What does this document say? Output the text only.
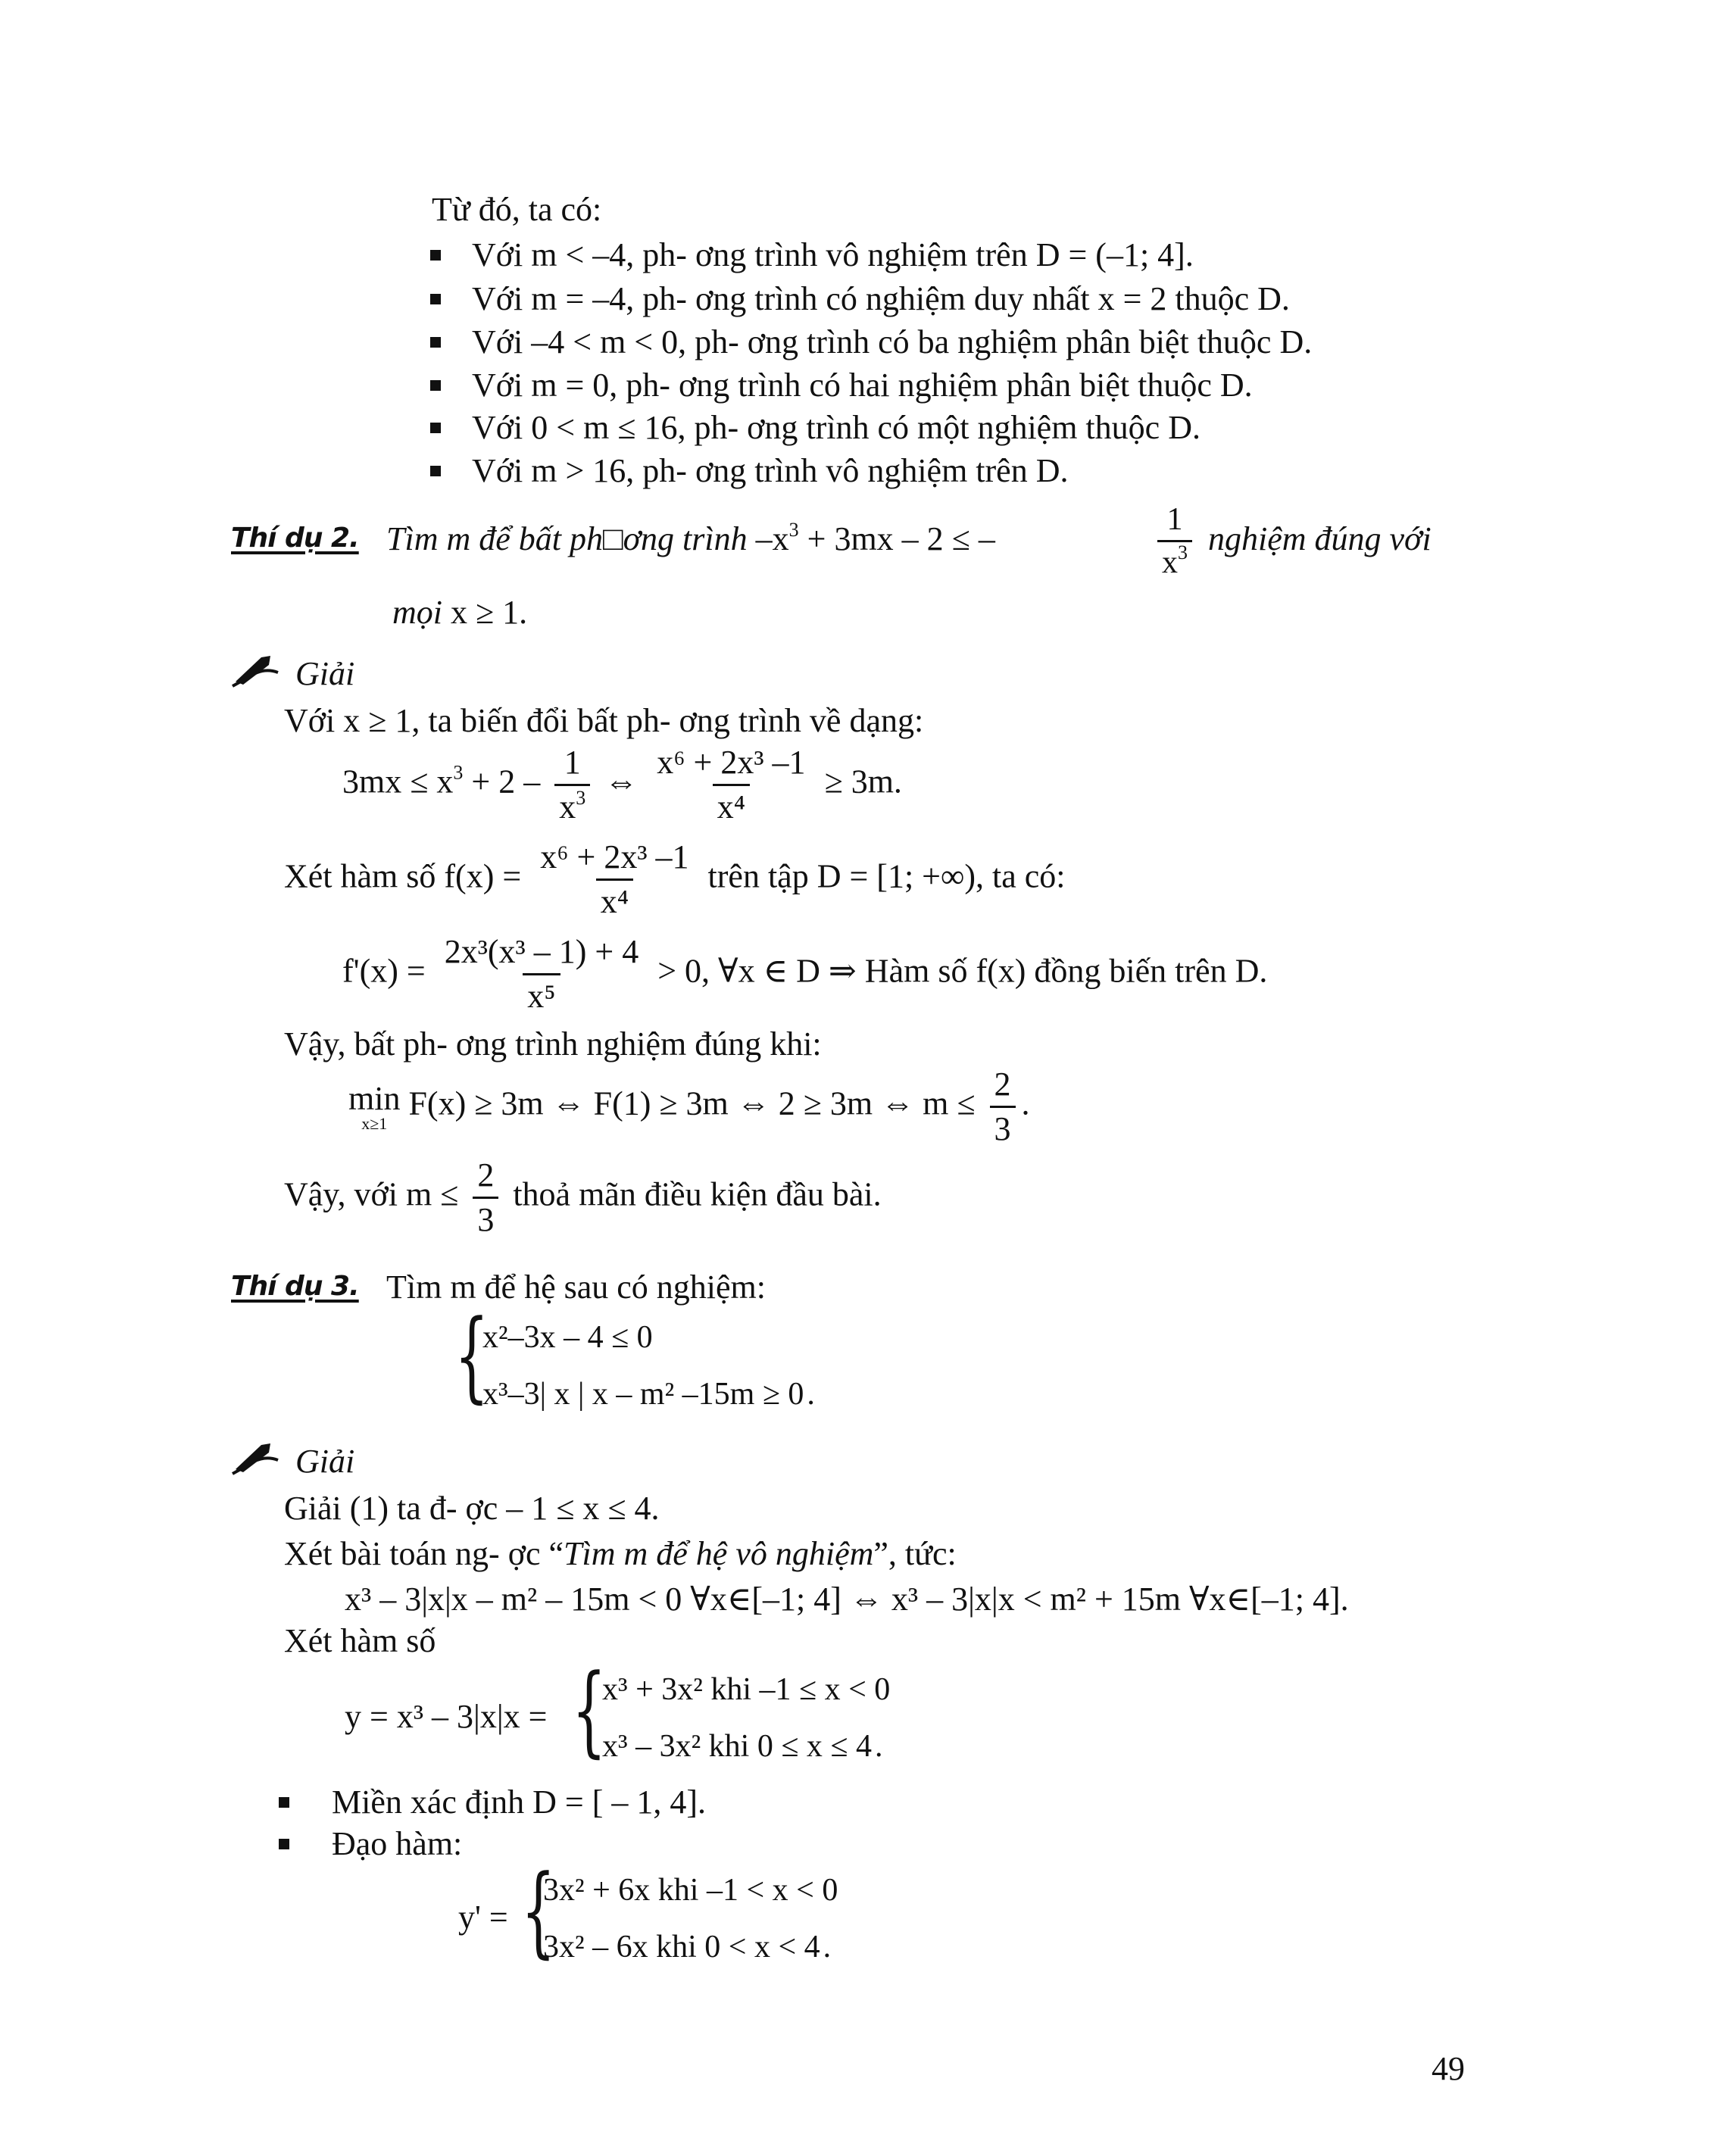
Từ đó, ta có:
Với m < –4, ph- ơng trình vô nghiệm trên D = (–1; 4].
Với m = –4, ph- ơng trình có nghiệm duy nhất x = 2 thuộc D.
Với –4 < m < 0, ph- ơng trình có ba nghiệm phân biệt thuộc D.
Với m = 0, ph- ơng trình có hai nghiệm phân biệt thuộc D.
Với 0 < m ≤ 16, ph- ơng trình có một nghiệm thuộc D.
Với m > 16, ph- ơng trình vô nghiệm trên D.
Thí dụ 2. Tìm m để bất ph□ơng trình $-x^3 + 3mx - 2$ ≤ –	$\frac{1}{x^3}$ nghiệm đúng với
mọi x ≥ 1.
Giải
Với x ≥ 1, ta biến đổi bất ph- ơng trình về dạng:
$3mx \le x^3 + 2 - \frac{1}{x^3}$ ⇔ $\frac{\text{x⁶ + 2x³ –1}}{\text{x⁴}} \ge 3m$.
Xét hàm số $f(x) = \frac{\text{x⁶ + 2x³ –1}}{\text{x⁴}}$ trên tập D = [1; +∞), ta có:
$f'(x) = \frac{\text{2x³(x³ – 1) + 4}}{\text{x⁵}} > 0$, ∀x ∈ D ⇒ Hàm số f(x) đồng biến trên D.
Vậy, bất ph- ơng trình nghiệm đúng khi:
min
x≥1
F(x) ≥ 3m ⇔ F(1) ≥ 3m ⇔ 2 ≥ 3m ⇔ $m \le \frac{2}{3}$ .
Vậy, với $m \le \frac{2}{3}$ thoả mãn điều kiện đầu bài.
Thí dụ 3. Tìm m để hệ sau có nghiệm:
{
x²–3x – 4 ≤ 0
x³–3| x | x – m² –15m ≥ 0.
Giải
Giải (1) ta đ- ợc – 1 ≤ x ≤ 4.
Xét bài toán ng- ợc “Tìm m để hệ vô nghiệm”, tức:
x³ – 3|x|x – m² – 15m < 0 ∀x∈[–1; 4] ⇔ x³ – 3|x|x < m² + 15m ∀x∈[–1; 4].
Xét hàm số
y = x³ – 3|x|x = {
x³ + 3x² khi –1 ≤ x < 0
x³ – 3x² khi 0 ≤ x ≤ 4.
Miền xác định D = [ – 1, 4].
Đạo hàm:
y' = {
3x² + 6x khi –1 < x < 0
3x² – 6x khi 0 < x < 4.
49
